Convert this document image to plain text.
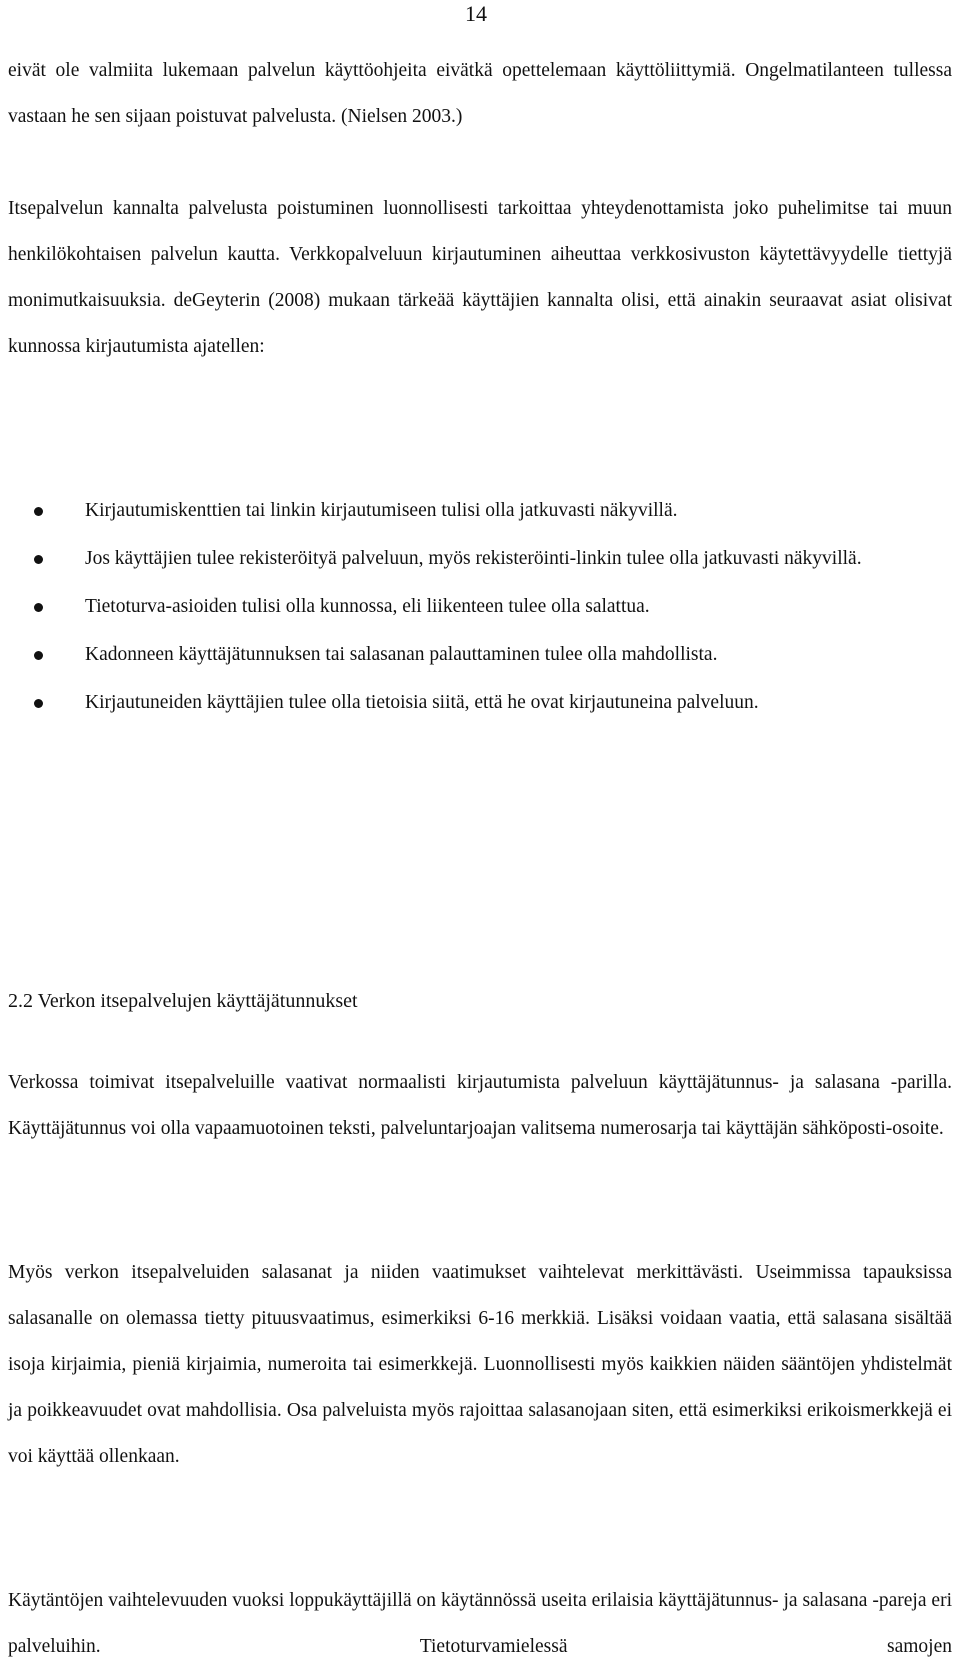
14

eivät ole valmiita lukemaan palvelun käyttöohjeita eivätkä opettelemaan käyttöliittymiä. Ongelmatilanteen tullessa vastaan he sen sijaan poistuvat palvelusta. (Nielsen 2003.)

Itsepalvelun kannalta palvelusta poistuminen luonnollisesti tarkoittaa yhteydenottamista joko puhelimitse tai muun henkilökohtaisen palvelun kautta. Verkkopalveluun kirjautuminen aiheuttaa verkkosivuston käytettävyydelle tiettyjä monimutkaisuuksia. deGeyterin (2008) mukaan tärkeää käyttäjien kannalta olisi, että ainakin seuraavat asiat olisivat kunnossa kirjautumista ajatellen:

Kirjautumiskenttien tai linkin kirjautumiseen tulisi olla jatkuvasti näkyvillä.
Jos käyttäjien tulee rekisteröityä palveluun, myös rekisteröinti-linkin tulee olla jatkuvasti näkyvillä.
Tietoturva-asioiden tulisi olla kunnossa, eli liikenteen tulee olla salattua.
Kadonneen käyttäjätunnuksen tai salasanan palauttaminen tulee olla mahdollista.
Kirjautuneiden käyttäjien tulee olla tietoisia siitä, että he ovat kirjautuneina palveluun.
2.2 Verkon itsepalvelujen käyttäjätunnukset

Verkossa toimivat itsepalveluille vaativat normaalisti kirjautumista palveluun käyttäjätunnus- ja salasana -parilla. Käyttäjätunnus voi olla vapaamuotoinen teksti, palveluntarjoajan valitsema numerosarja tai käyttäjän sähköposti-osoite.

Myös verkon itsepalveluiden salasanat ja niiden vaatimukset vaihtelevat merkittävästi. Useimmissa tapauksissa salasanalle on olemassa tietty pituusvaatimus, esimerkiksi 6-16 merkkiä. Lisäksi voidaan vaatia, että salasana sisältää isoja kirjaimia, pieniä kirjaimia, numeroita tai esimerkkejä. Luonnollisesti myös kaikkien näiden sääntöjen yhdistelmät ja poikkeavuudet ovat mahdollisia. Osa palveluista myös rajoittaa salasanojaan siten, että esimerkiksi erikoismerkkejä ei voi käyttää ollenkaan.

Käytäntöjen vaihtelevuuden vuoksi loppukäyttäjillä on käytännössä useita erilaisia käyttäjätunnus- ja salasana -pareja eri palveluihin. Tietoturvamielessä samojen
